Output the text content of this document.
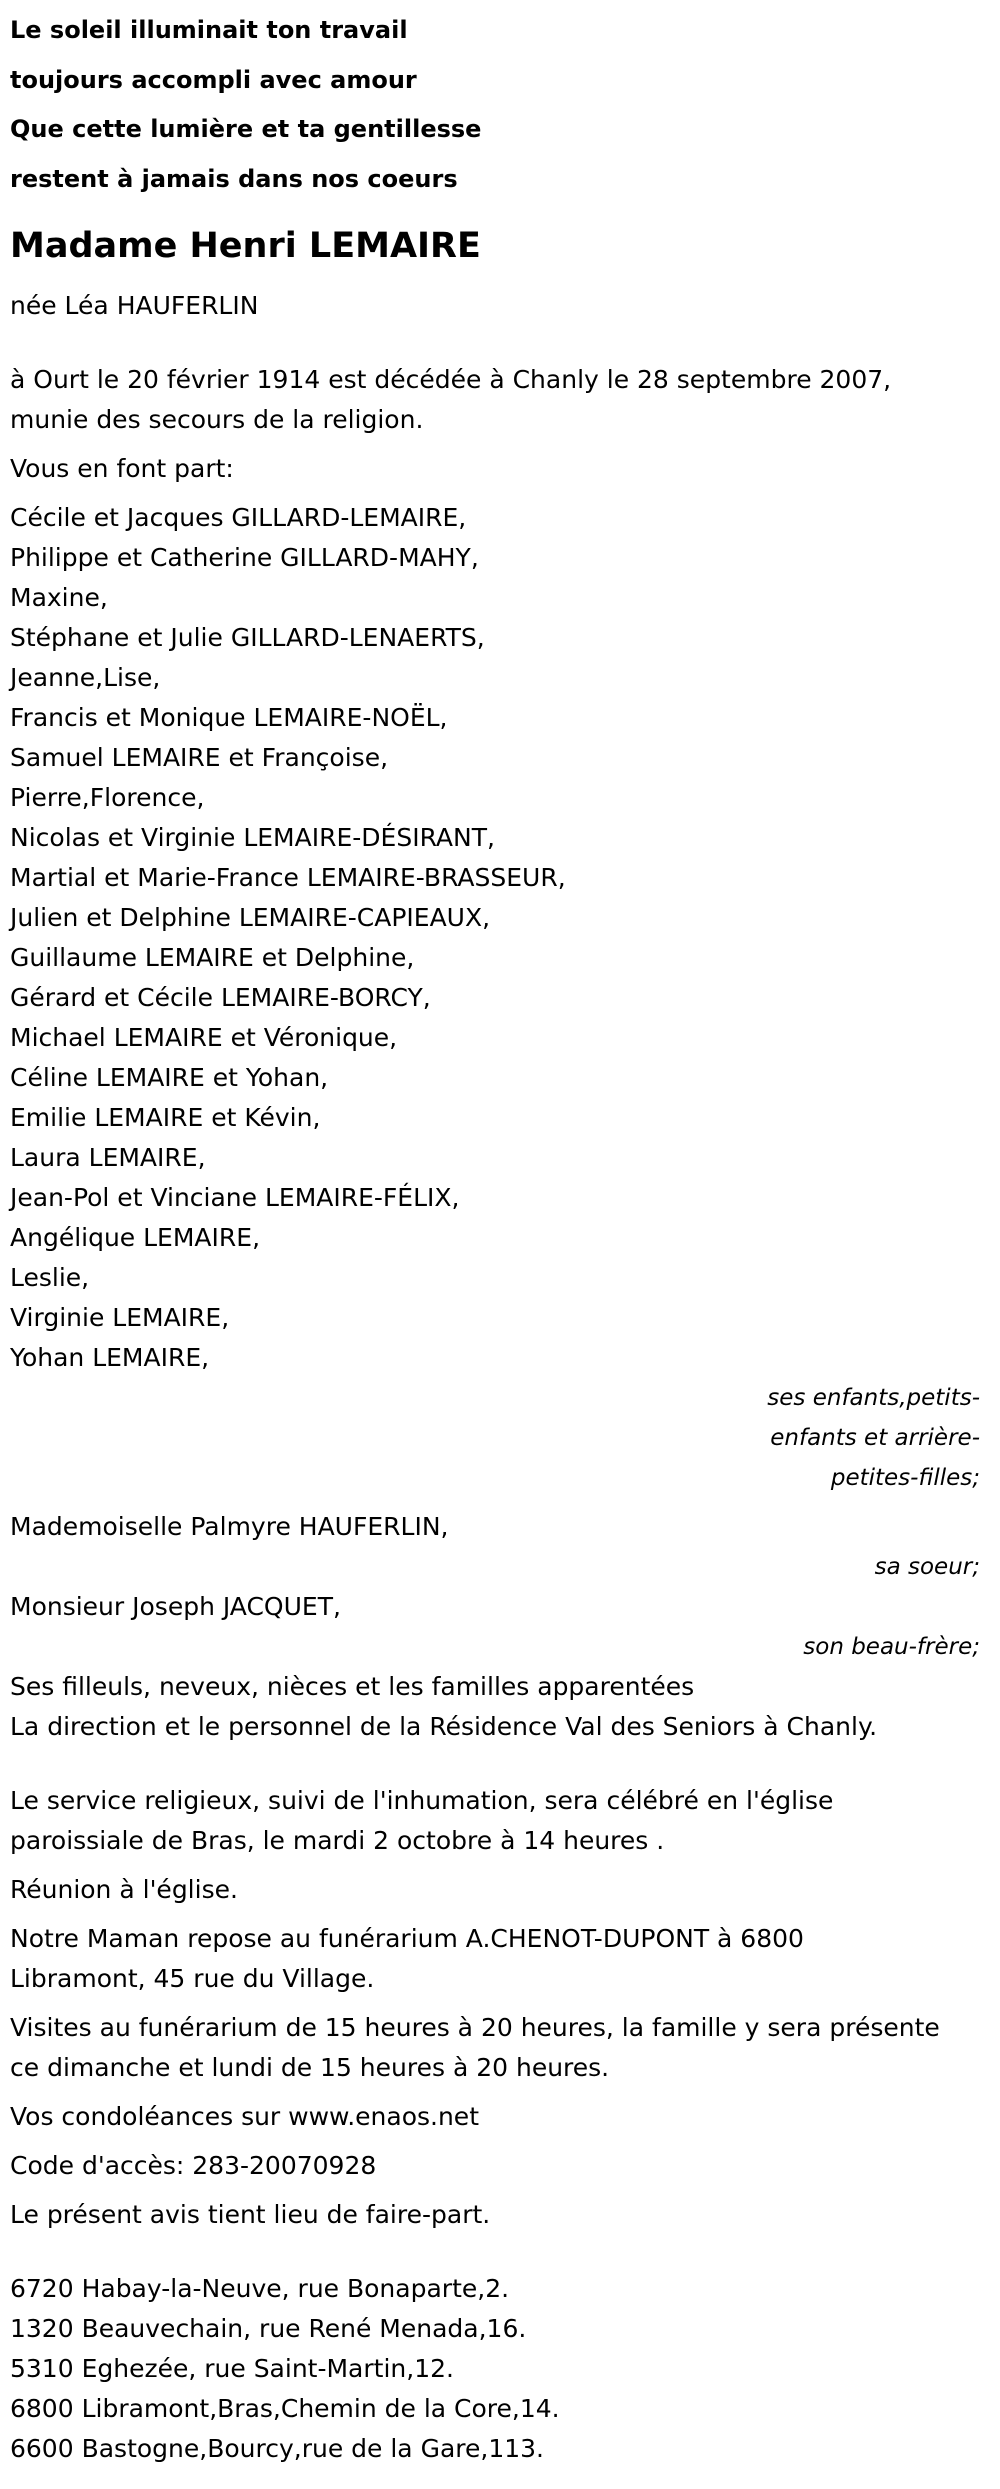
Le soleil illuminait ton travail
toujours accompli avec amour
Que cette lumière et ta gentillesse
restent à jamais dans nos coeurs
Madame Henri LEMAIRE
née Léa HAUFERLIN
à Ourt le 20 février 1914 est décédée à Chanly le 28 septembre 2007,
munie des secours de la religion.
Vous en font part:
Cécile et Jacques GILLARD-LEMAIRE,
Philippe et Catherine GILLARD-MAHY,
Maxine,
Stéphane et Julie GILLARD-LENAERTS,
Jeanne,Lise,
Francis et Monique LEMAIRE-NOËL,
Samuel LEMAIRE et Françoise,
Pierre,Florence,
Nicolas et Virginie LEMAIRE-DÉSIRANT,
Martial et Marie-France LEMAIRE-BRASSEUR,
Julien et Delphine LEMAIRE-CAPIEAUX,
Guillaume LEMAIRE et Delphine,
Gérard et Cécile LEMAIRE-BORCY,
Michael LEMAIRE et Véronique,
Céline LEMAIRE et Yohan,
Emilie LEMAIRE et Kévin,
Laura LEMAIRE,
Jean-Pol et Vinciane LEMAIRE-FÉLIX,
Angélique LEMAIRE,
Leslie,
Virginie LEMAIRE,
Yohan LEMAIRE,
ses enfants,petits-
enfants et arrière-
petites-filles;
Mademoiselle Palmyre HAUFERLIN,
sa soeur;
Monsieur Joseph JACQUET,
son beau-frère;
Ses filleuls, neveux, nièces et les familles apparentées
La direction et le personnel de la Résidence Val des Seniors à Chanly.
Le service religieux, suivi de l'inhumation, sera célébré en l'église
paroissiale de Bras, le mardi 2 octobre à 14 heures .
Réunion à l'église.
Notre Maman repose au funérarium A.CHENOT-DUPONT à 6800
Libramont, 45 rue du Village.
Visites au funérarium de 15 heures à 20 heures, la famille y sera présente
ce dimanche et lundi de 15 heures à 20 heures.
Vos condoléances sur www.enaos.net
Code d'accès: 283-20070928
Le présent avis tient lieu de faire-part.
6720 Habay-la-Neuve, rue Bonaparte,2.
1320 Beauvechain, rue René Menada,16.
5310 Eghezée, rue Saint-Martin,12.
6800 Libramont,Bras,Chemin de la Core,14.
6600 Bastogne,Bourcy,rue de la Gare,113.
